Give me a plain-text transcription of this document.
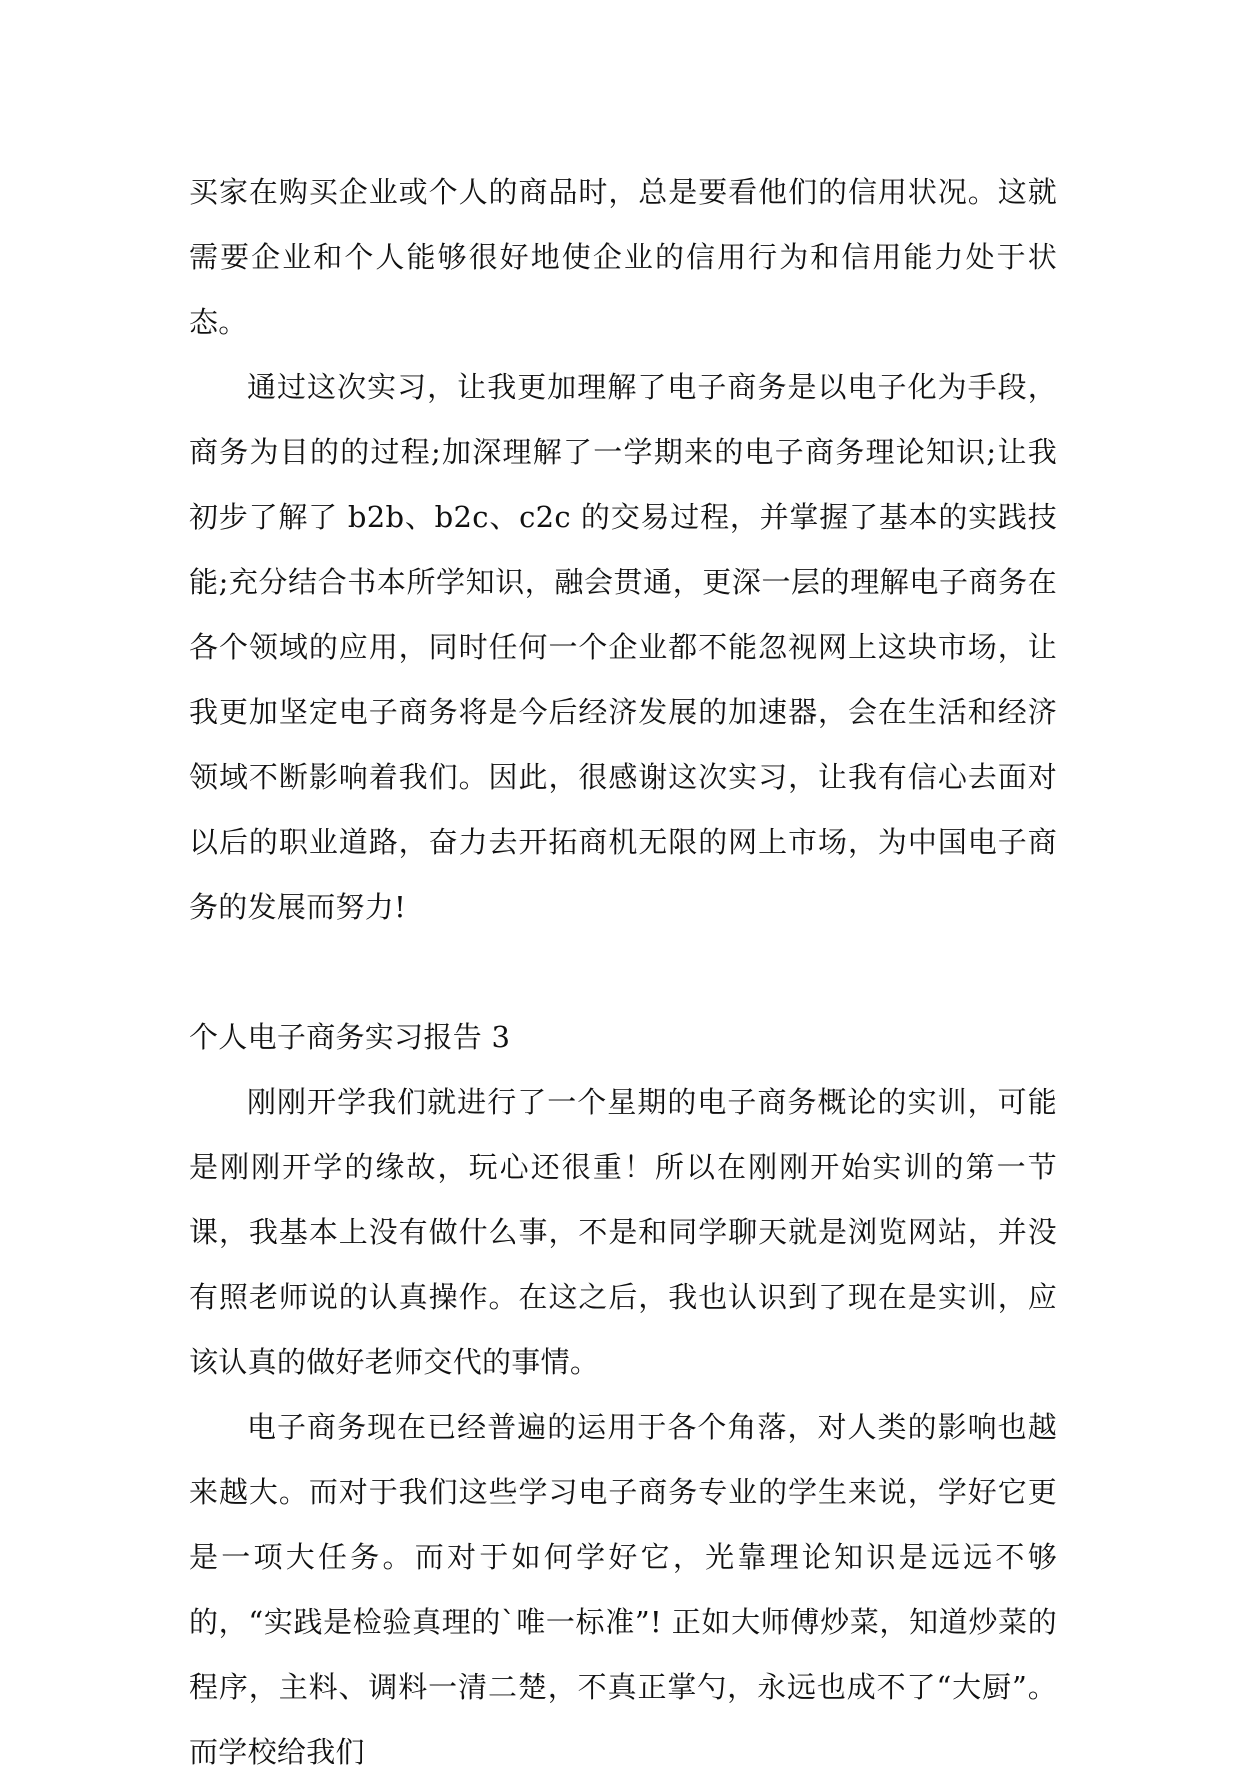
买家在购买企业或个人的商品时，总是要看他们的信用状况。这就需要企业和个人能够很好地使企业的信用行为和信用能力处于状态。

通过这次实习，让我更加理解了电子商务是以电子化为手段，商务为目的的过程;加深理解了一学期来的电子商务理论知识;让我初步了解了 b2b、b2c、c2c 的交易过程，并掌握了基本的实践技能;充分结合书本所学知识，融会贯通，更深一层的理解电子商务在各个领域的应用，同时任何一个企业都不能忽视网上这块市场，让我更加坚定电子商务将是今后经济发展的加速器，会在生活和经济领域不断影响着我们。因此，很感谢这次实习，让我有信心去面对以后的职业道路，奋力去开拓商机无限的网上市场，为中国电子商务的发展而努力!

个人电子商务实习报告 3

刚刚开学我们就进行了一个星期的电子商务概论的实训，可能是刚刚开学的缘故，玩心还很重！所以在刚刚开始实训的第一节课，我基本上没有做什么事，不是和同学聊天就是浏览网站，并没有照老师说的认真操作。在这之后，我也认识到了现在是实训，应该认真的做好老师交代的事情。

电子商务现在已经普遍的运用于各个角落，对人类的影响也越来越大。而对于我们这些学习电子商务专业的学生来说，学好它更是一项大任务。而对于如何学好它，光靠理论知识是远远不够的，“实践是检验真理的`唯一标准”! 正如大师傅炒菜，知道炒菜的程序，主料、调料一清二楚，不真正掌勺，永远也成不了“大厨”。而学校给我们
